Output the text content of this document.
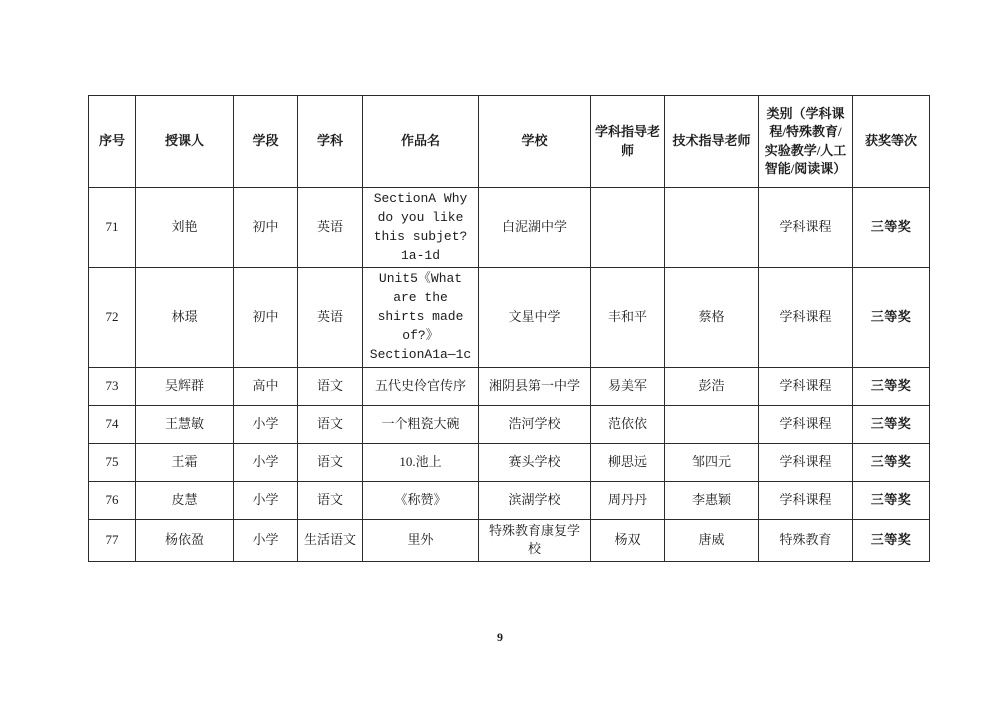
序号	授课人	学段	学科	作品名	学校	学科指导老师	技术指导老师	类别（学科课程/特殊教育/实验教学/人工智能/阅读课）	获奖等次
71	刘艳	初中	英语	SectionA Why do you like this subjet? 1a-1d	白泥湖中学			学科课程	三等奖
72	林璟	初中	英语	Unit5《What are the shirts made of?》SectionA1a—1c	文星中学	丰和平	蔡格	学科课程	三等奖
73	吴辉群	高中	语文	五代史伶官传序	湘阴县第一中学	易美军	彭浩	学科课程	三等奖
74	王慧敏	小学	语文	一个粗瓷大碗	浩河学校	范依依		学科课程	三等奖
75	王霜	小学	语文	10.池上	赛头学校	柳思远	邹四元	学科课程	三等奖
76	皮慧	小学	语文	《称赞》	滨湖学校	周丹丹	李惠颖	学科课程	三等奖
77	杨依盈	小学	生活语文	里外	特殊教育康复学校	杨双	唐威	特殊教育	三等奖
9
